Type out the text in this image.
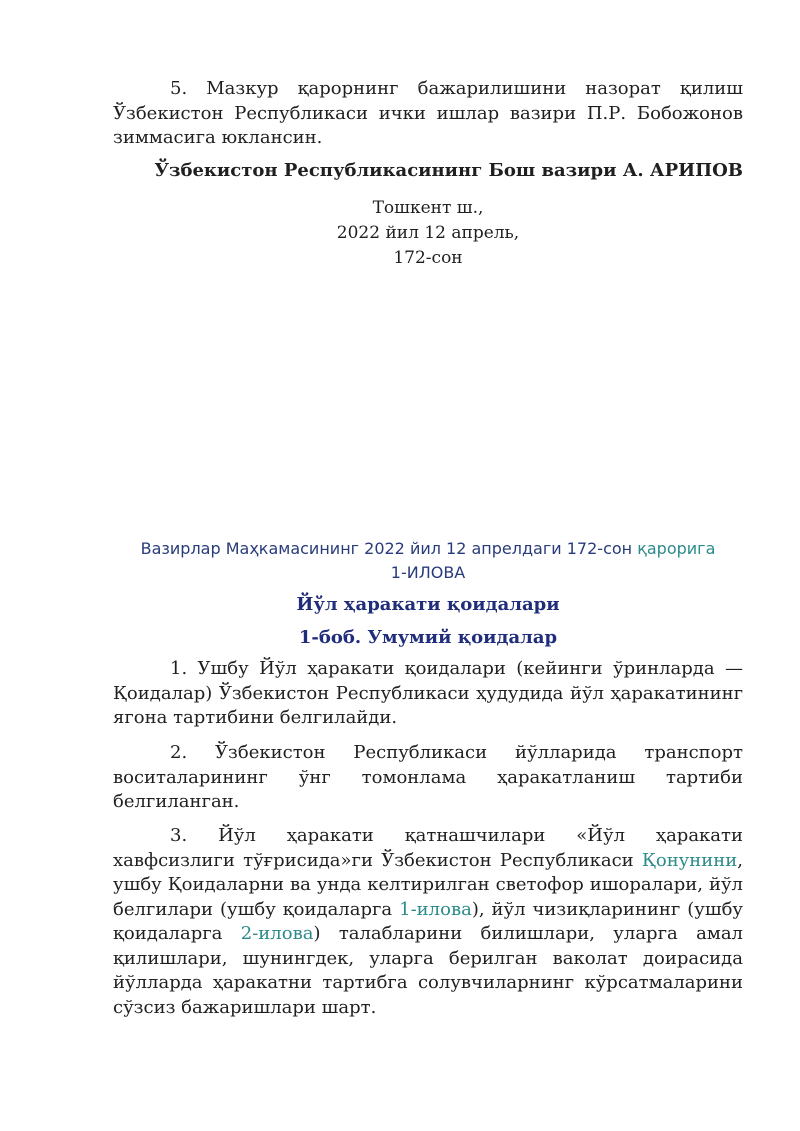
5. Мазкур қарорнинг бажарилишини назорат қилиш Ўзбекистон Республикаси ички ишлар вазири П.Р. Бобожонов зиммасига юклансин.

Ўзбекистон Республикасининг Бош вазири А. АРИПОВ
Тошкент ш.,
2022 йил 12 апрель,
172-сон
Вазирлар Маҳкамасининг 2022 йил 12 апрелдаги 172-сон қарорига
1-ИЛОВА
Йўл ҳаракати қоидалари
1-боб. Умумий қоидалар

1. Ушбу Йўл ҳаракати қоидалари (кейинги ўринларда — Қоидалар) Ўзбекистон Республикаси ҳудудида йўл ҳаракатининг ягона тартибини белгилайди.

2. Ўзбекистон Республикаси йўлларида транспорт воситаларининг ўнг томонлама ҳаракатланиш тартиби белгиланган.

3. Йўл ҳаракати қатнашчилари «Йўл ҳаракати хавфсизлиги тўғрисида»ги Ўзбекистон Республикаси Қонунини, ушбу Қоидаларни ва унда келтирилган светофор ишоралари, йўл белгилари (ушбу қоидаларга 1-илова), йўл чизиқларининг (ушбу қоидаларга 2-илова) талабларини билишлари, уларга амал қилишлари, шунингдек, уларга берилган ваколат доирасида йўлларда ҳаракатни тартибга солувчиларнинг кўрсатмаларини сўзсиз бажаришлари шарт.
